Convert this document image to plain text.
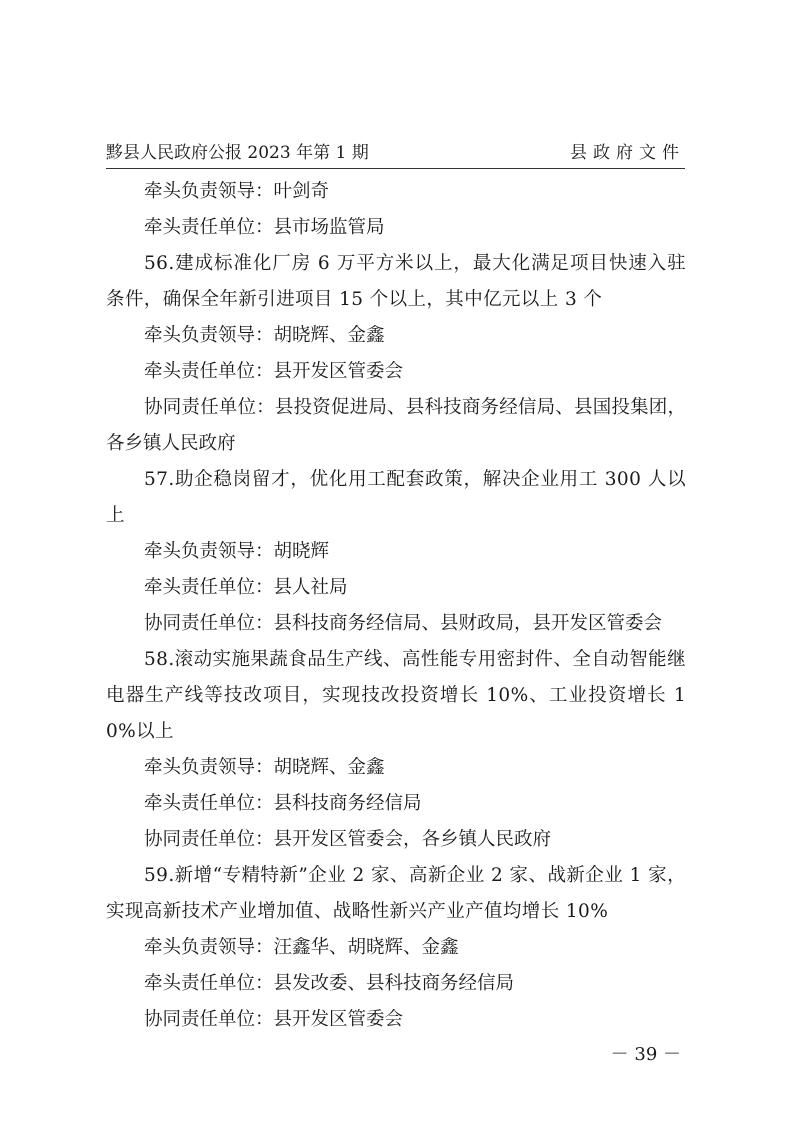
黟县人民政府公报 2023 年第 1 期	县政府文件
牵头负责领导：叶剑奇
牵头责任单位：县市场监管局
56.建成标准化厂房 6 万平方米以上，最大化满足项目快速入驻条件，确保全年新引进项目 15 个以上，其中亿元以上 3 个
牵头负责领导：胡晓辉、金鑫
牵头责任单位：县开发区管委会
协同责任单位：县投资促进局、县科技商务经信局、县国投集团，各乡镇人民政府
57.助企稳岗留才，优化用工配套政策，解决企业用工 300 人以上
牵头负责领导：胡晓辉
牵头责任单位：县人社局
协同责任单位：县科技商务经信局、县财政局，县开发区管委会
58.滚动实施果蔬食品生产线、高性能专用密封件、全自动智能继电器生产线等技改项目，实现技改投资增长 10%、工业投资增长 10%以上
牵头负责领导：胡晓辉、金鑫
牵头责任单位：县科技商务经信局
协同责任单位：县开发区管委会，各乡镇人民政府
59.新增“专精特新”企业 2 家、高新企业 2 家、战新企业 1 家，实现高新技术产业增加值、战略性新兴产业产值均增长 10%
牵头负责领导：汪鑫华、胡晓辉、金鑫
牵头责任单位：县发改委、县科技商务经信局
协同责任单位：县开发区管委会
－ 39 －
